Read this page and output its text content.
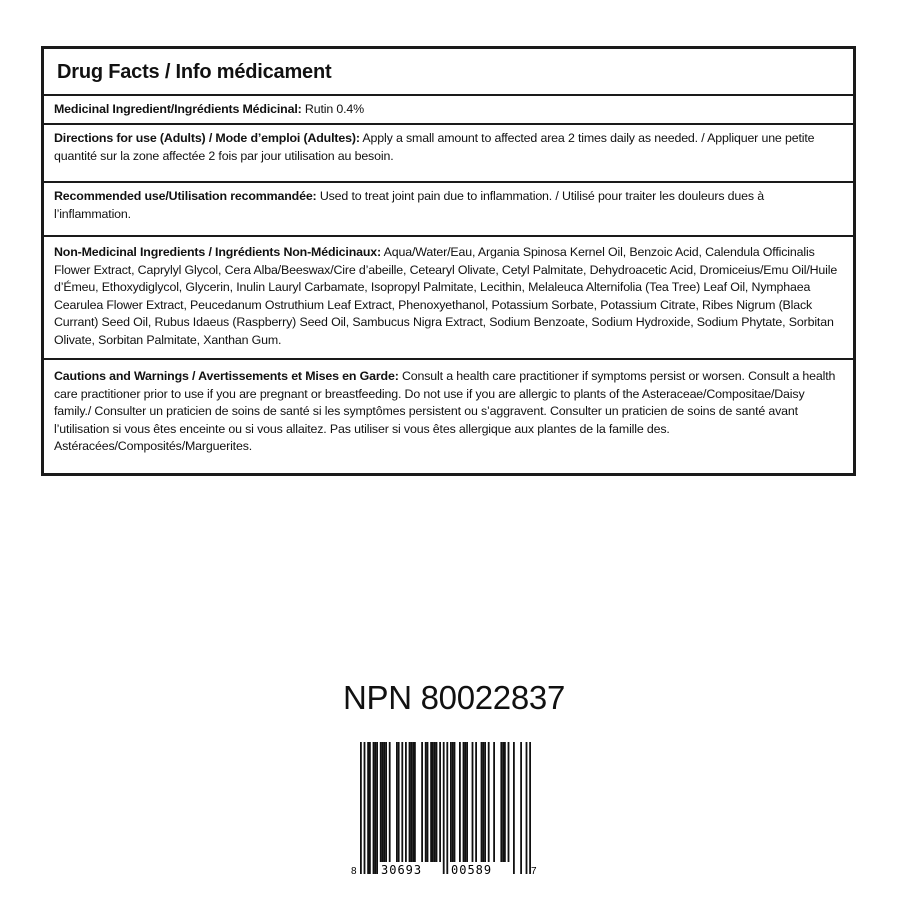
Drug Facts / Info médicament
Medicinal Ingredient/Ingrédients Médicinal: Rutin 0.4%
Directions for use (Adults) / Mode d’emploi (Adultes): Apply a small amount to affected area 2 times daily as needed. / Appliquer une petite quantité sur la zone affectée 2 fois par jour utilisation au besoin.
Recommended use/Utilisation recommandée: Used to treat joint pain due to inflammation. / Utilisé pour traiter les douleurs dues à l’inflammation.
Non-Medicinal Ingredients / Ingrédients Non-Médicinaux: Aqua/Water/Eau, Argania Spinosa Kernel Oil, Benzoic Acid, Calendula Officinalis Flower Extract, Caprylyl Glycol, Cera Alba/Beeswax/Cire d’abeille, Cetearyl Olivate, Cetyl Palmitate, Dehydroacetic Acid, Dromiceius/Emu Oil/Huile d’Émeu, Ethoxydiglycol, Glycerin, Inulin Lauryl Carbamate, Isopropyl Palmitate, Lecithin, Melaleuca Alternifolia (Tea Tree) Leaf Oil, Nymphaea Cearulea Flower Extract, Peucedanum Ostruthium Leaf Extract, Phenoxyethanol, Potassium Sorbate, Potassium Citrate, Ribes Nigrum (Black Currant) Seed Oil, Rubus Idaeus (Raspberry) Seed Oil, Sambucus Nigra Extract, Sodium Benzoate, Sodium Hydroxide, Sodium Phytate, Sorbitan Olivate, Sorbitan Palmitate, Xanthan Gum.
Cautions and Warnings / Avertissements et Mises en Garde: Consult a health care practitioner if symptoms persist or worsen. Consult a health care practitioner prior to use if you are pregnant or breastfeeding. Do not use if you are allergic to plants of the Asteraceae/Compositae/Daisy family./ Consulter un praticien de soins de santé si les symptômes persistent ou s’aggravent. Consulter un praticien de soins de santé avant l’utilisation si vous êtes enceinte ou si vous allaitez. Pas utiliser si vous êtes allergique aux plantes de la famille des. Astéracées/Composités/Marguerites.
NPN 80022837
8 30693 00589	7
